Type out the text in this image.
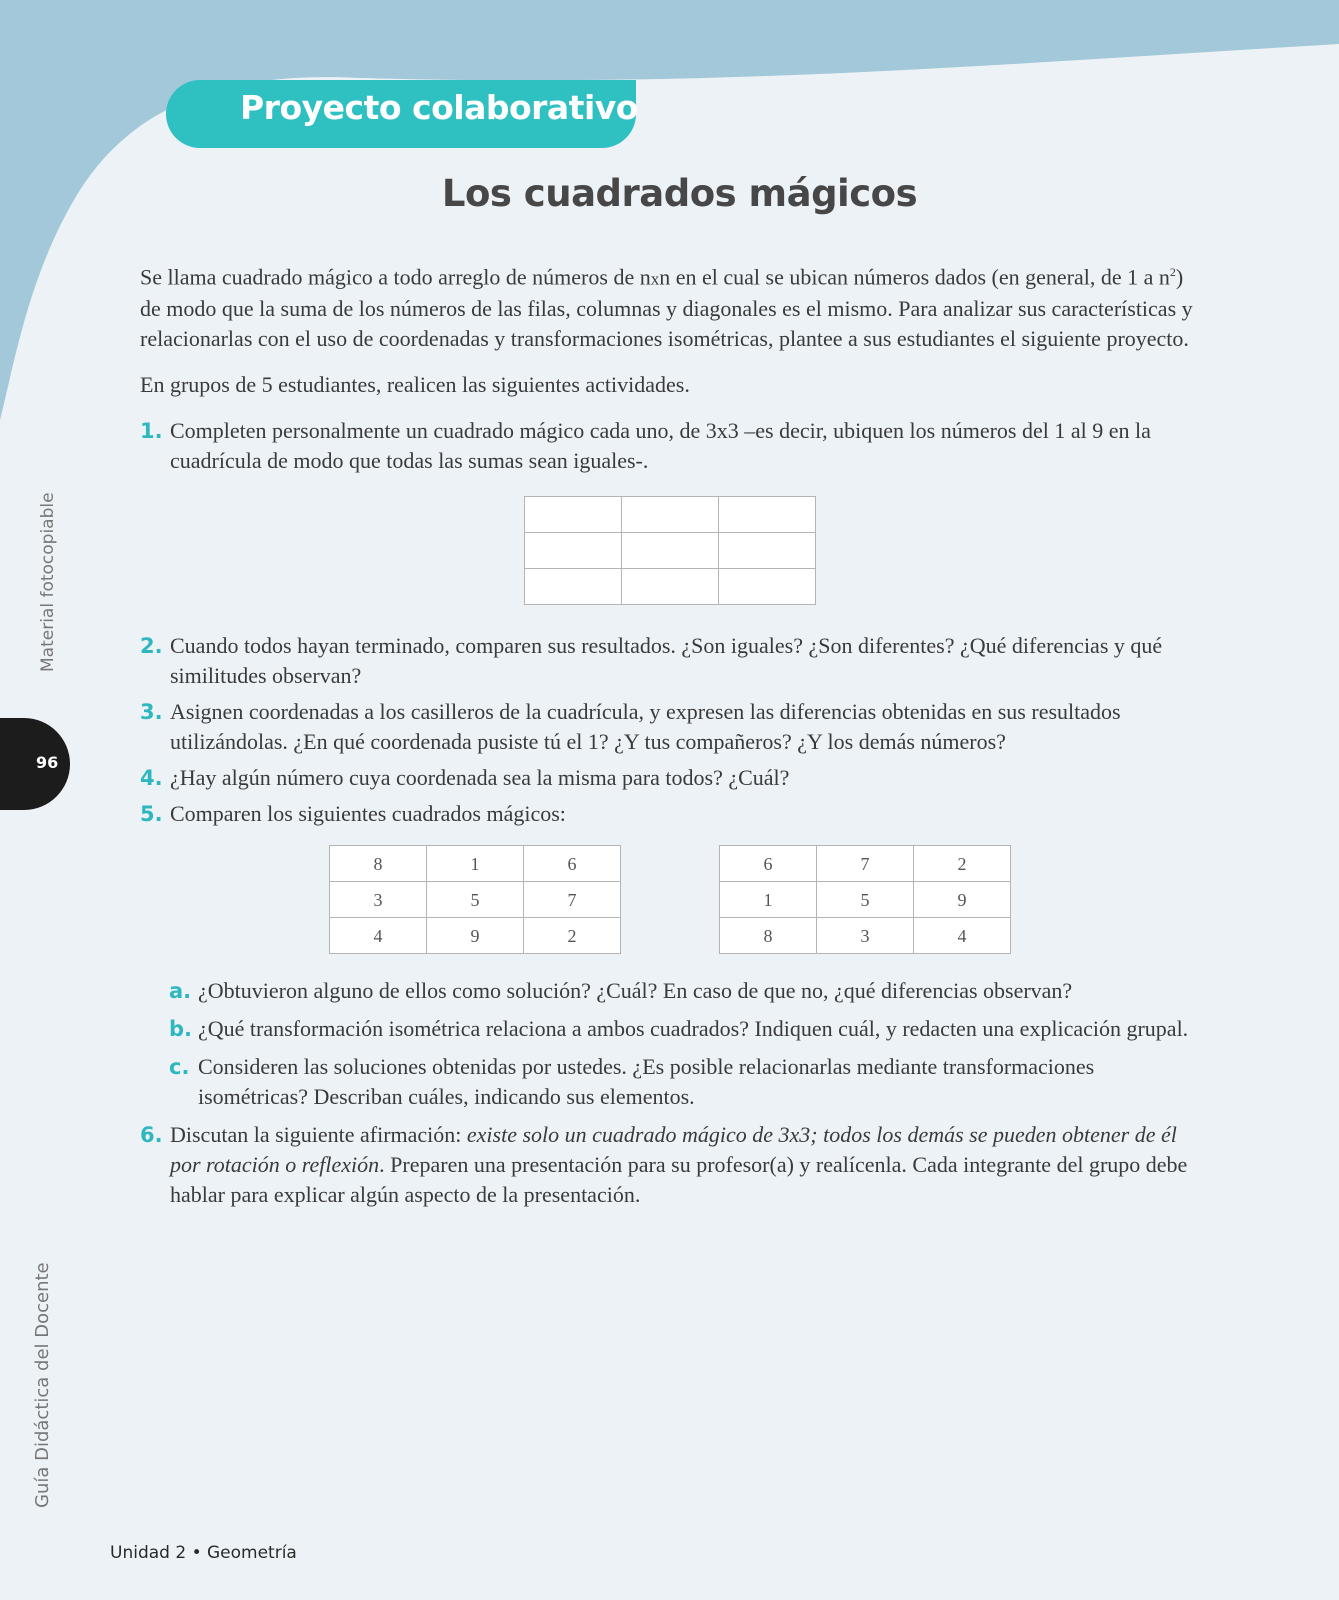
Proyecto colaborativo
Los cuadrados mágicos

Se llama cuadrado mágico a todo arreglo de números de nxn en el cual se ubican números dados (en general, de 1 a $n^2$) de modo que la suma de los números de las filas, columnas y diagonales es el mismo. Para analizar sus características y relacionarlas con el uso de coordenadas y transformaciones isométricas, plantee a sus estudiantes el siguiente proyecto.

En grupos de 5 estudiantes, realicen las siguientes actividades.

1. Completen personalmente un cuadrado mágico cada uno, de 3x3 –es decir, ubiquen los números del 1 al 9 en la cuadrícula de modo que todas las sumas sean iguales-.

2. Cuando todos hayan terminado, comparen sus resultados. ¿Son iguales? ¿Son diferentes? ¿Qué diferencias y qué similitudes observan?
3. Asignen coordenadas a los casilleros de la cuadrícula, y expresen las diferencias obtenidas en sus resultados utilizándolas. ¿En qué coordenada pusiste tú el 1? ¿Y tus compañeros? ¿Y los demás números?
4. ¿Hay algún número cuya coordenada sea la misma para todos? ¿Cuál?
5. Comparen los siguientes cuadrados mágicos:
8	1	6
3	5	7
4	9	2
6	7	2
1	5	9
8	3	4
a. ¿Obtuvieron alguno de ellos como solución? ¿Cuál? En caso de que no, ¿qué diferencias observan?
b. ¿Qué transformación isométrica relaciona a ambos cuadrados? Indiquen cuál, y redacten una explicación grupal.
c. Consideren las soluciones obtenidas por ustedes. ¿Es posible relacionarlas mediante transformaciones isométricas? Describan cuáles, indicando sus elementos.
6. Discutan la siguiente afirmación: existe solo un cuadrado mágico de 3x3; todos los demás se pueden obtener de él por rotación o reflexión. Preparen una presentación para su profesor(a) y realícenla. Cada integrante del grupo debe hablar para explicar algún aspecto de la presentación.
Material fotocopiable
96
Guía Didáctica del Docente
Unidad 2 • Geometría
